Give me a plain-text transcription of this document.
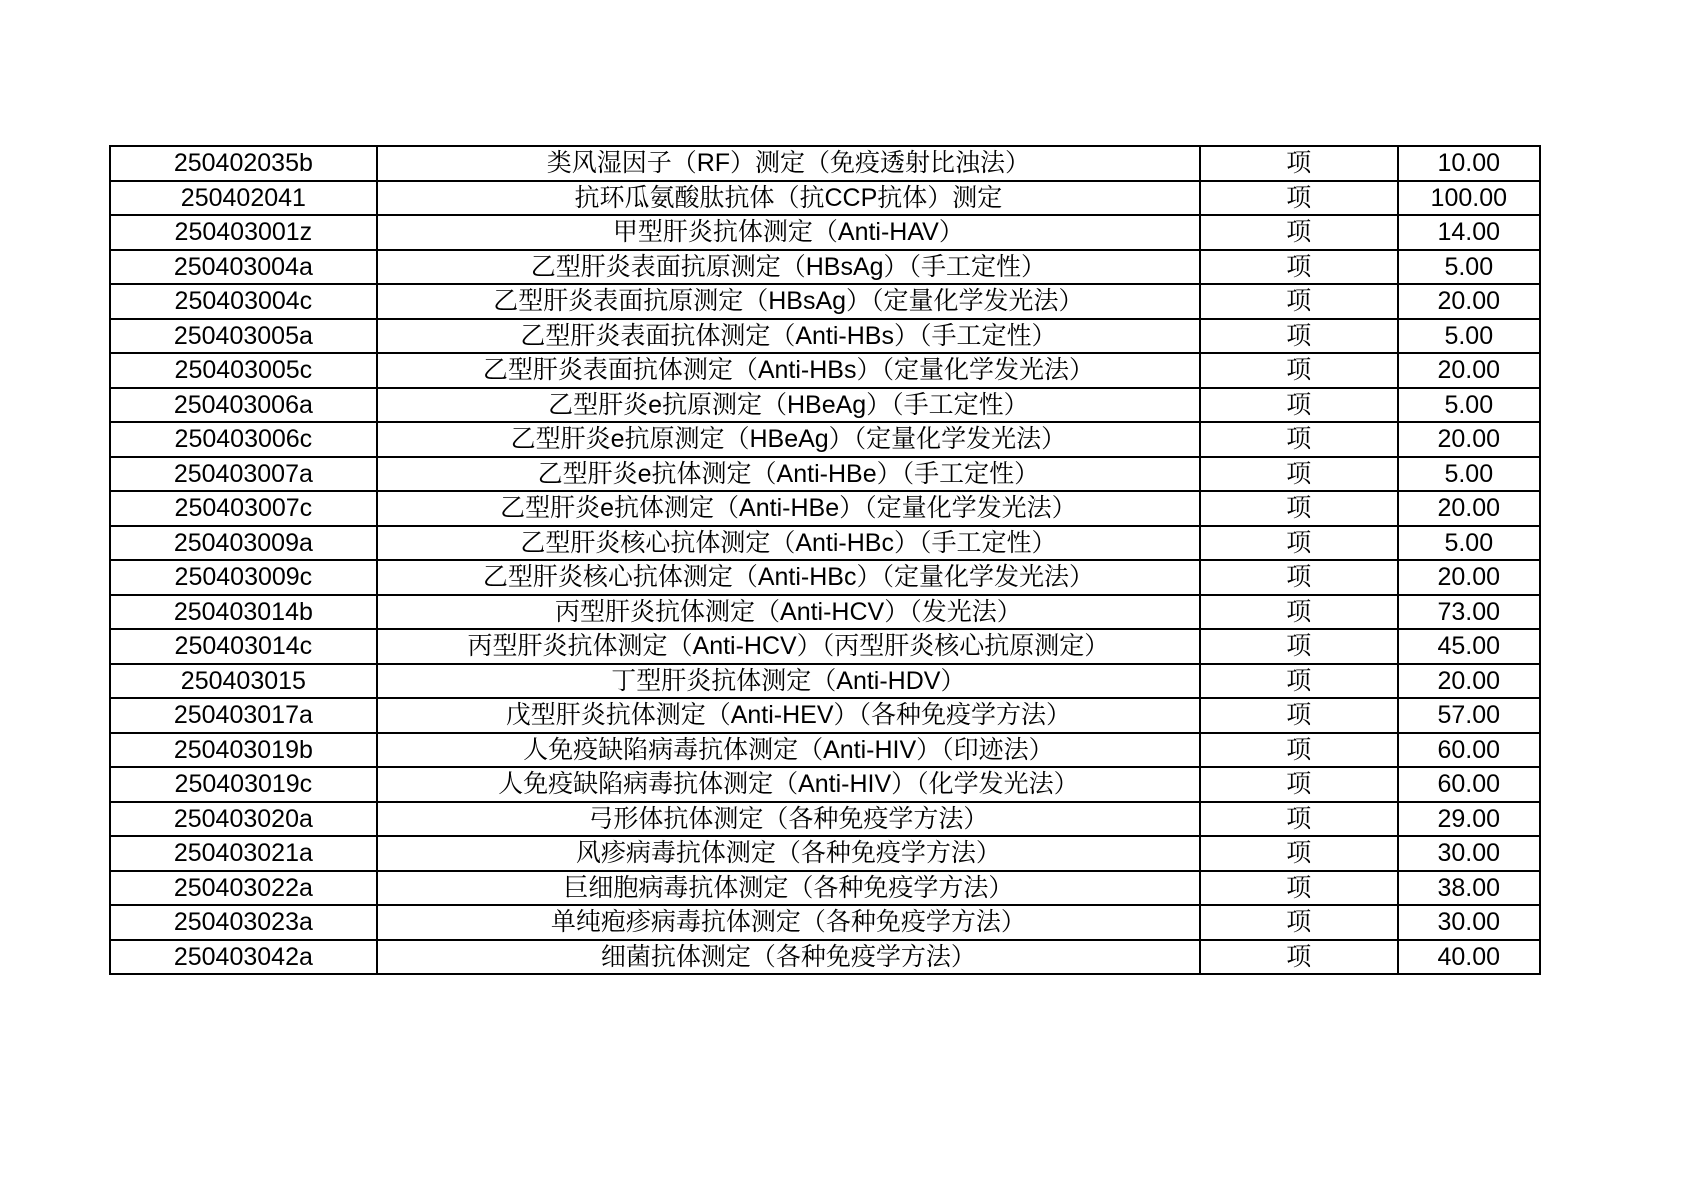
250402035b	类风湿因子（RF）测定（免疫透射比浊法）	项	10.00
250402041	抗环瓜氨酸肽抗体（抗CCP抗体）测定	项	100.00
250403001z	甲型肝炎抗体测定（Anti-HAV）	项	14.00
250403004a	乙型肝炎表面抗原测定（HBsAg）（手工定性）	项	5.00
250403004c	乙型肝炎表面抗原测定（HBsAg）（定量化学发光法）	项	20.00
250403005a	乙型肝炎表面抗体测定（Anti-HBs）（手工定性）	项	5.00
250403005c	乙型肝炎表面抗体测定（Anti-HBs）（定量化学发光法）	项	20.00
250403006a	乙型肝炎e抗原测定（HBeAg）（手工定性）	项	5.00
250403006c	乙型肝炎e抗原测定（HBeAg）（定量化学发光法）	项	20.00
250403007a	乙型肝炎e抗体测定（Anti-HBe）（手工定性）	项	5.00
250403007c	乙型肝炎e抗体测定（Anti-HBe）（定量化学发光法）	项	20.00
250403009a	乙型肝炎核心抗体测定（Anti-HBc）（手工定性）	项	5.00
250403009c	乙型肝炎核心抗体测定（Anti-HBc）（定量化学发光法）	项	20.00
250403014b	丙型肝炎抗体测定（Anti-HCV）（发光法）	项	73.00
250403014c	丙型肝炎抗体测定（Anti-HCV）（丙型肝炎核心抗原测定）	项	45.00
250403015	丁型肝炎抗体测定（Anti-HDV）	项	20.00
250403017a	戊型肝炎抗体测定（Anti-HEV）（各种免疫学方法）	项	57.00
250403019b	人免疫缺陷病毒抗体测定（Anti-HIV）（印迹法）	项	60.00
250403019c	人免疫缺陷病毒抗体测定（Anti-HIV）（化学发光法）	项	60.00
250403020a	弓形体抗体测定（各种免疫学方法）	项	29.00
250403021a	风疹病毒抗体测定（各种免疫学方法）	项	30.00
250403022a	巨细胞病毒抗体测定（各种免疫学方法）	项	38.00
250403023a	单纯疱疹病毒抗体测定（各种免疫学方法）	项	30.00
250403042a	细菌抗体测定（各种免疫学方法）	项	40.00
